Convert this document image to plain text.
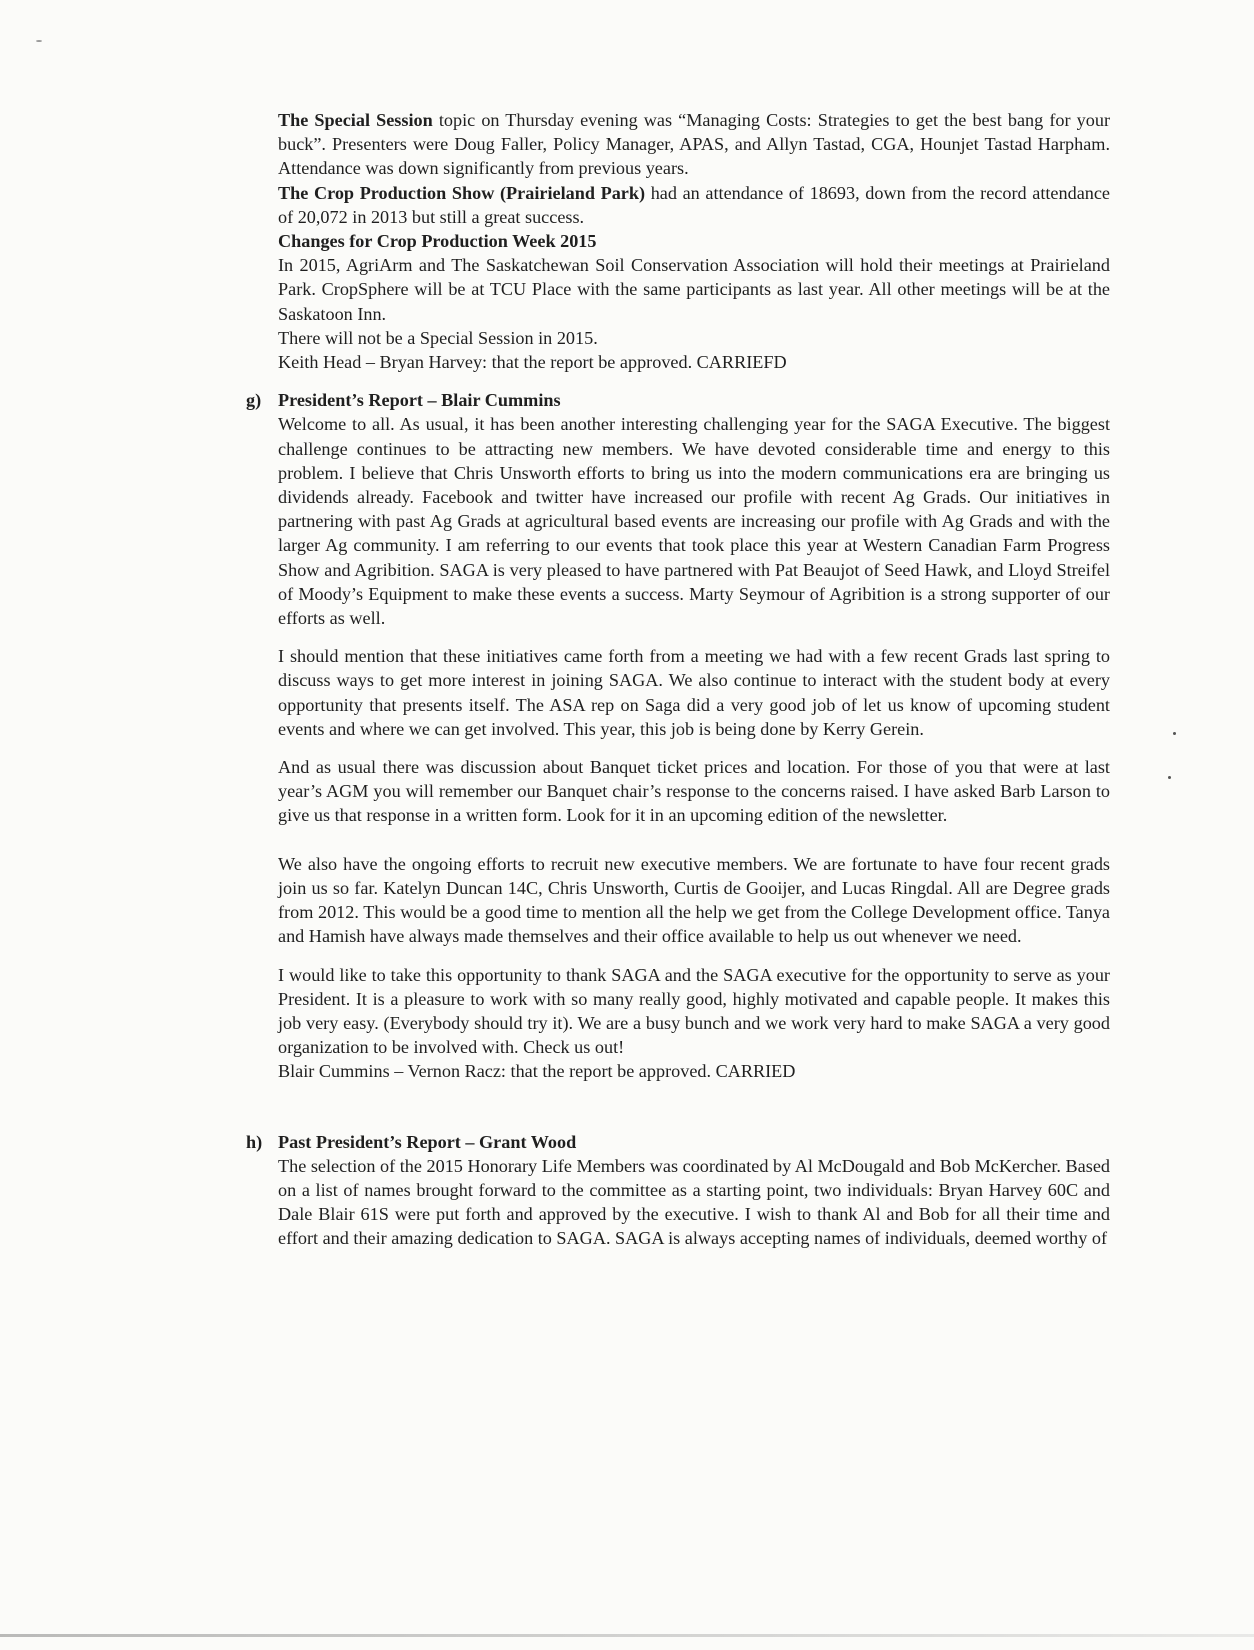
The Special Session topic on Thursday evening was “Managing Costs: Strategies to get the best bang for your buck”. Presenters were Doug Faller, Policy Manager, APAS, and Allyn Tastad, CGA, Hounjet Tastad Harpham. Attendance was down significantly from previous years.

The Crop Production Show (Prairieland Park) had an attendance of 18693, down from the record attendance of 20,072 in 2013 but still a great success.

Changes for Crop Production Week 2015

In 2015, AgriArm and The Saskatchewan Soil Conservation Association will hold their meetings at Prairieland Park. CropSphere will be at TCU Place with the same participants as last year. All other meetings will be at the Saskatoon Inn.

There will not be a Special Session in 2015.

Keith Head – Bryan Harvey: that the report be approved. CARRIEFD

g) President’s Report – Blair Cummins

Welcome to all. As usual, it has been another interesting challenging year for the SAGA Executive. The biggest challenge continues to be attracting new members. We have devoted considerable time and energy to this problem. I believe that Chris Unsworth efforts to bring us into the modern communications era are bringing us dividends already. Facebook and twitter have increased our profile with recent Ag Grads. Our initiatives in partnering with past Ag Grads at agricultural based events are increasing our profile with Ag Grads and with the larger Ag community. I am referring to our events that took place this year at Western Canadian Farm Progress Show and Agribition. SAGA is very pleased to have partnered with Pat Beaujot of Seed Hawk, and Lloyd Streifel of Moody’s Equipment to make these events a success. Marty Seymour of Agribition is a strong supporter of our efforts as well.

I should mention that these initiatives came forth from a meeting we had with a few recent Grads last spring to discuss ways to get more interest in joining SAGA. We also continue to interact with the student body at every opportunity that presents itself. The ASA rep on Saga did a very good job of let us know of upcoming student events and where we can get involved. This year, this job is being done by Kerry Gerein.

And as usual there was discussion about Banquet ticket prices and location. For those of you that were at last year’s AGM you will remember our Banquet chair’s response to the concerns raised. I have asked Barb Larson to give us that response in a written form. Look for it in an upcoming edition of the newsletter.

We also have the ongoing efforts to recruit new executive members. We are fortunate to have four recent grads join us so far. Katelyn Duncan 14C, Chris Unsworth, Curtis de Gooijer, and Lucas Ringdal. All are Degree grads from 2012. This would be a good time to mention all the help we get from the College Development office. Tanya and Hamish have always made themselves and their office available to help us out whenever we need.

I would like to take this opportunity to thank SAGA and the SAGA executive for the opportunity to serve as your President. It is a pleasure to work with so many really good, highly motivated and capable people. It makes this job very easy. (Everybody should try it). We are a busy bunch and we work very hard to make SAGA a very good organization to be involved with. Check us out!

Blair Cummins – Vernon Racz: that the report be approved. CARRIED

h) Past President’s Report – Grant Wood

The selection of the 2015 Honorary Life Members was coordinated by Al McDougald and Bob McKercher. Based on a list of names brought forward to the committee as a starting point, two individuals: Bryan Harvey 60C and Dale Blair 61S were put forth and approved by the executive. I wish to thank Al and Bob for all their time and effort and their amazing dedication to SAGA. SAGA is always accepting names of individuals, deemed worthy of
